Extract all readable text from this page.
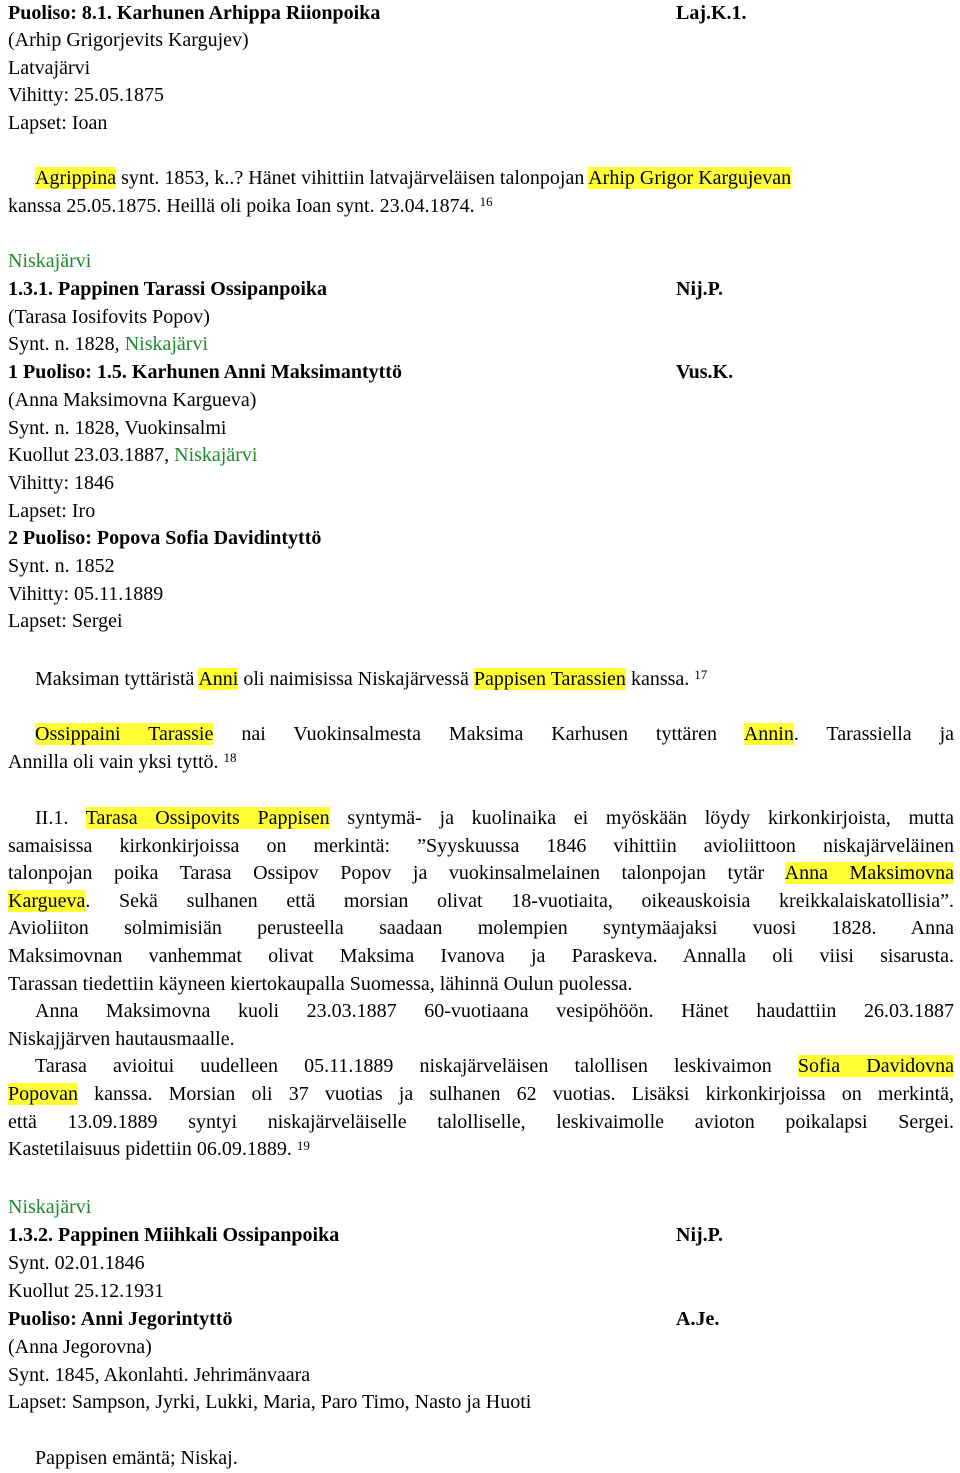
Puoliso: 8.1. Karhunen Arhippa Riionpoika	Laj.K.1.
(Arhip Grigorjevits Kargujev)
Latvajärvi
Vihitty: 25.05.1875
Lapset: Ioan
Agrippina synt. 1853, k..? Hänet vihittiin latvajärveläisen talonpojan Arhip Grigor Kargujevan
kanssa 25.05.1875. Heillä oli poika Ioan synt. 23.04.1874. $^{16}$
Niskajärvi
1.3.1. Pappinen Tarassi Ossipanpoika	Nij.P.
(Tarasa Iosifovits Popov)
Synt. n. 1828, Niskajärvi
1 Puoliso: 1.5. Karhunen Anni Maksimantyttö	Vus.K.
(Anna Maksimovna Kargueva)
Synt. n. 1828, Vuokinsalmi
Kuollut 23.03.1887, Niskajärvi
Vihitty: 1846
Lapset: Iro
2 Puoliso: Popova Sofia Davidintyttö
Synt. n. 1852
Vihitty: 05.11.1889
Lapset: Sergei
Maksiman tyttäristä Anni oli naimisissa Niskajärvessä Pappisen Tarassien kanssa. $^{17}$
Ossippaini Tarassie nai Vuokinsalmesta Maksima Karhusen tyttären Annin. Tarassiella ja
Annilla oli vain yksi tyttö. $^{18}$
II.1. Tarasa Ossipovits Pappisen syntymä- ja kuolinaika ei myöskään löydy kirkonkirjoista, mutta
samaisissa kirkonkirjoissa on merkintä: ”Syyskuussa 1846 vihittiin avioliittoon niskajärveläinen
talonpojan poika Tarasa Ossipov Popov ja vuokinsalmelainen talonpojan tytär Anna Maksimovna
Kargueva. Sekä sulhanen että morsian olivat 18-vuotiaita, oikeauskoisia kreikkalaiskatollisia”.
Avioliiton solmimisiän perusteella saadaan molempien syntymäajaksi vuosi 1828. Anna
Maksimovnan vanhemmat olivat Maksima Ivanova ja Paraskeva. Annalla oli viisi sisarusta.
Tarassan tiedettiin käyneen kiertokaupalla Suomessa, lähinnä Oulun puolessa.
Anna Maksimovna kuoli 23.03.1887 60-vuotiaana vesipöhöön. Hänet haudattiin 26.03.1887
Niskajjärven hautausmaalle.
Tarasa avioitui uudelleen 05.11.1889 niskajärveläisen talollisen leskivaimon Sofia Davidovna
Popovan kanssa. Morsian oli 37 vuotias ja sulhanen 62 vuotias. Lisäksi kirkonkirjoissa on merkintä,
että 13.09.1889 syntyi niskajärveläiselle talolliselle, leskivaimolle avioton poikalapsi Sergei.
Kastetilaisuus pidettiin 06.09.1889. $^{19}$
Niskajärvi
1.3.2. Pappinen Miihkali Ossipanpoika	Nij.P.
Synt. 02.01.1846
Kuollut 25.12.1931
Puoliso: Anni Jegorintyttö	A.Je.
(Anna Jegorovna)
Synt. 1845, Akonlahti. Jehrimänvaara
Lapset: Sampson, Jyrki, Lukki, Maria, Paro Timo, Nasto ja Huoti
Pappisen emäntä; Niskaj.
